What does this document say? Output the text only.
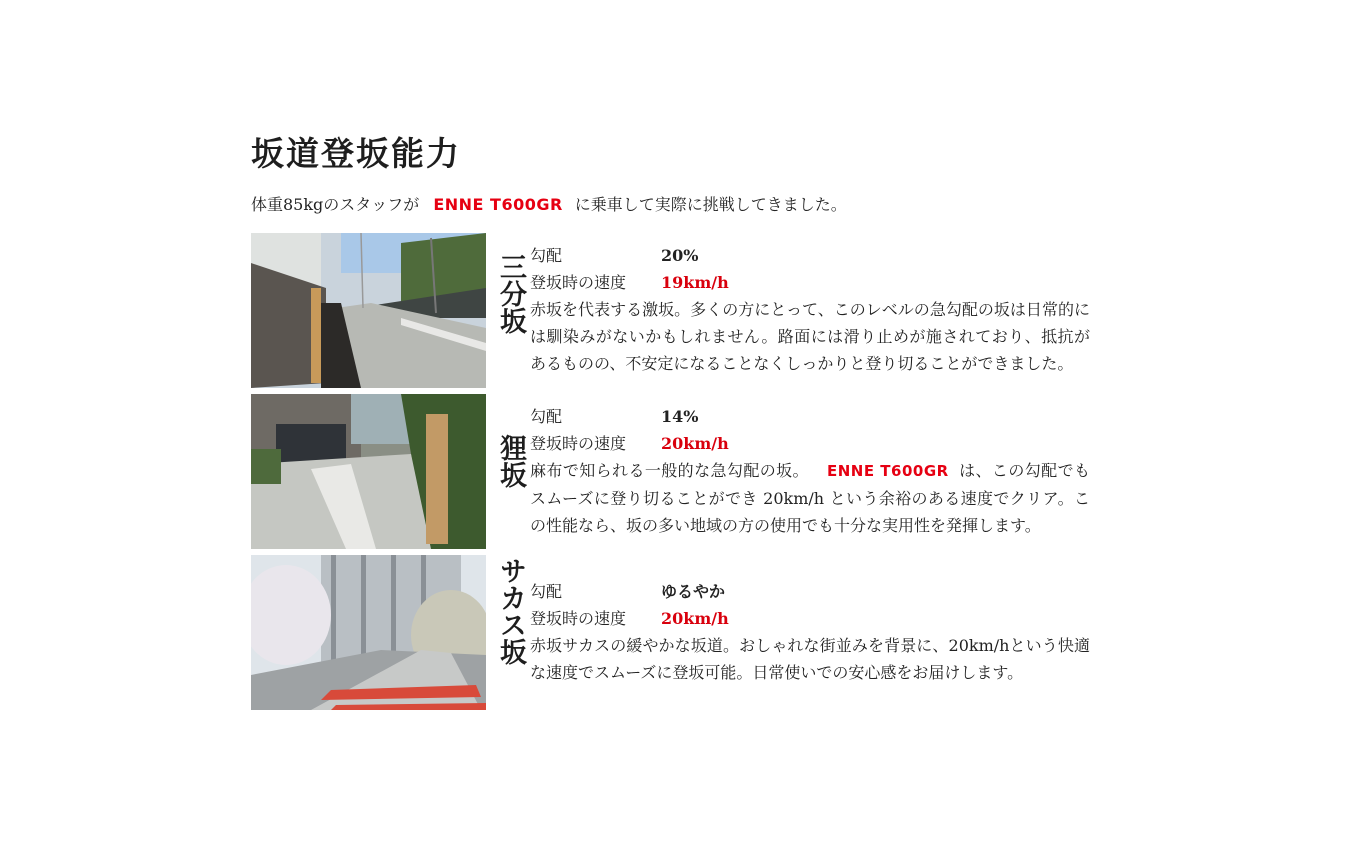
坂道登坂能力
体重85kgのスタッフが ENNE T600GR に乗車して実際に挑戦してきました。
三分坂 勾配	20%
登坂時の速度 19km/h

赤坂を代表する激坂。多くの方にとって、このレベルの急勾配の坂は日常的には馴染みがないかもしれません。路面には滑り止めが施されており、抵抗があるものの、不安定になることなくしっかりと登り切ることができました。

狸坂
勾配	14%
登坂時の速度 20km/h

麻布で知られる一般的な急勾配の坂。 ENNE T600GR は、この勾配でもスムーズに登り切ることができ 20km/h という余裕のある速度でクリア。この性能なら、坂の多い地域の方の使用でも十分な実用性を発揮します。

サカス坂 勾配	ゆるやか
登坂時の速度 20km/h

赤坂サカスの緩やかな坂道。おしゃれな街並みを背景に、20km/hという快適な速度でスムーズに登坂可能。日常使いでの安心感をお届けします。
